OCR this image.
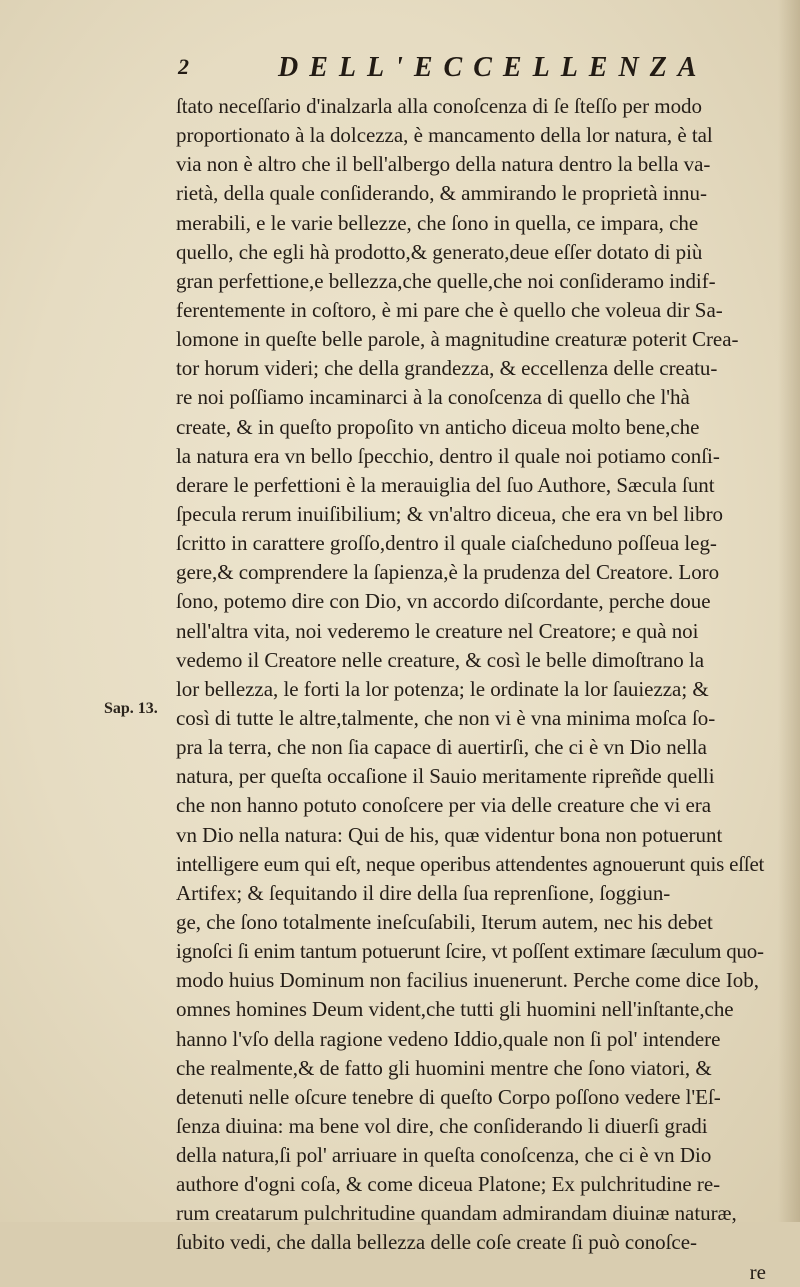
2	DELL'ECCELLENZA
Sap. 13.
ſtato neceſſario d'inalzarla alla conoſcenza di ſe ſteſſo per modo
proportionato à la dolcezza, è mancamento della lor natura, è tal
via non è altro che il bell'albergo della natura dentro la bella va-
rietà, della quale conſiderando, & ammirando le proprietà innu-
merabili, e le varie bellezze, che ſono in quella, ce impara, che
quello, che egli hà prodotto,& generato,deue eſſer dotato di più
gran perfettione,e bellezza,che quelle,che noi conſideramo indif-
ferentemente in coſtoro, è mi pare che è quello che voleua dir Sa-
lomone in queſte belle parole, à magnitudine creaturæ poterit Crea-
tor horum videri; che della grandezza, & eccellenza delle creatu-
re noi poſſiamo incaminarci à la conoſcenza di quello che l'hà
create, & in queſto propoſito vn anticho diceua molto bene,che
la natura era vn bello ſpecchio, dentro il quale noi potiamo conſi-
derare le perfettioni è la merauiglia del ſuo Authore, Sæcula ſunt
ſpecula rerum inuiſibilium; & vn'altro diceua, che era vn bel libro
ſcritto in carattere groſſo,dentro il quale ciaſcheduno poſſeua leg-
gere,& comprendere la ſapienza,è la prudenza del Creatore. Loro
ſono, potemo dire con Dio, vn accordo diſcordante, perche doue
nell'altra vita, noi vederemo le creature nel Creatore; e quà noi
vedemo il Creatore nelle creature, & così le belle dimoſtrano la
lor bellezza, le forti la lor potenza; le ordinate la lor ſauiezza; &
così di tutte le altre,talmente, che non vi è vna minima moſca ſo-
pra la terra, che non ſia capace di auertirſi, che ci è vn Dio nella
natura, per queſta occaſione il Sauio meritamente ripreñde quelli
che non hanno potuto conoſcere per via delle creature che vi era
vn Dio nella natura: Qui de his, quæ videntur bona non potuerunt
intelligere eum qui eſt, neque operibus attendentes agnouerunt quis eſſet
Artifex; & ſequitando il dire della ſua reprenſione, ſoggiun-
ge, che ſono totalmente ineſcuſabili, Iterum autem, nec his debet
ignoſci ſi enim tantum potuerunt ſcire, vt poſſent extimare ſæculum quo-
modo huius Dominum non facilius inuenerunt. Perche come dice Iob,
omnes homines Deum vident,che tutti gli huomini nell'inſtante,che
hanno l'vſo della ragione vedeno Iddio,quale non ſi pol' intendere
che realmente,& de fatto gli huomini mentre che ſono viatori, &
detenuti nelle oſcure tenebre di queſto Corpo poſſono vedere l'Eſ-
ſenza diuina: ma bene vol dire, che conſiderando li diuerſi gradi
della natura,ſi pol' arriuare in queſta conoſcenza, che ci è vn Dio
authore d'ogni coſa, & come diceua Platone; Ex pulchritudine re-
rum creatarum pulchritudine quandam admirandam diuinæ naturæ,
ſubito vedi, che dalla bellezza delle coſe create ſi può conoſce-
re
